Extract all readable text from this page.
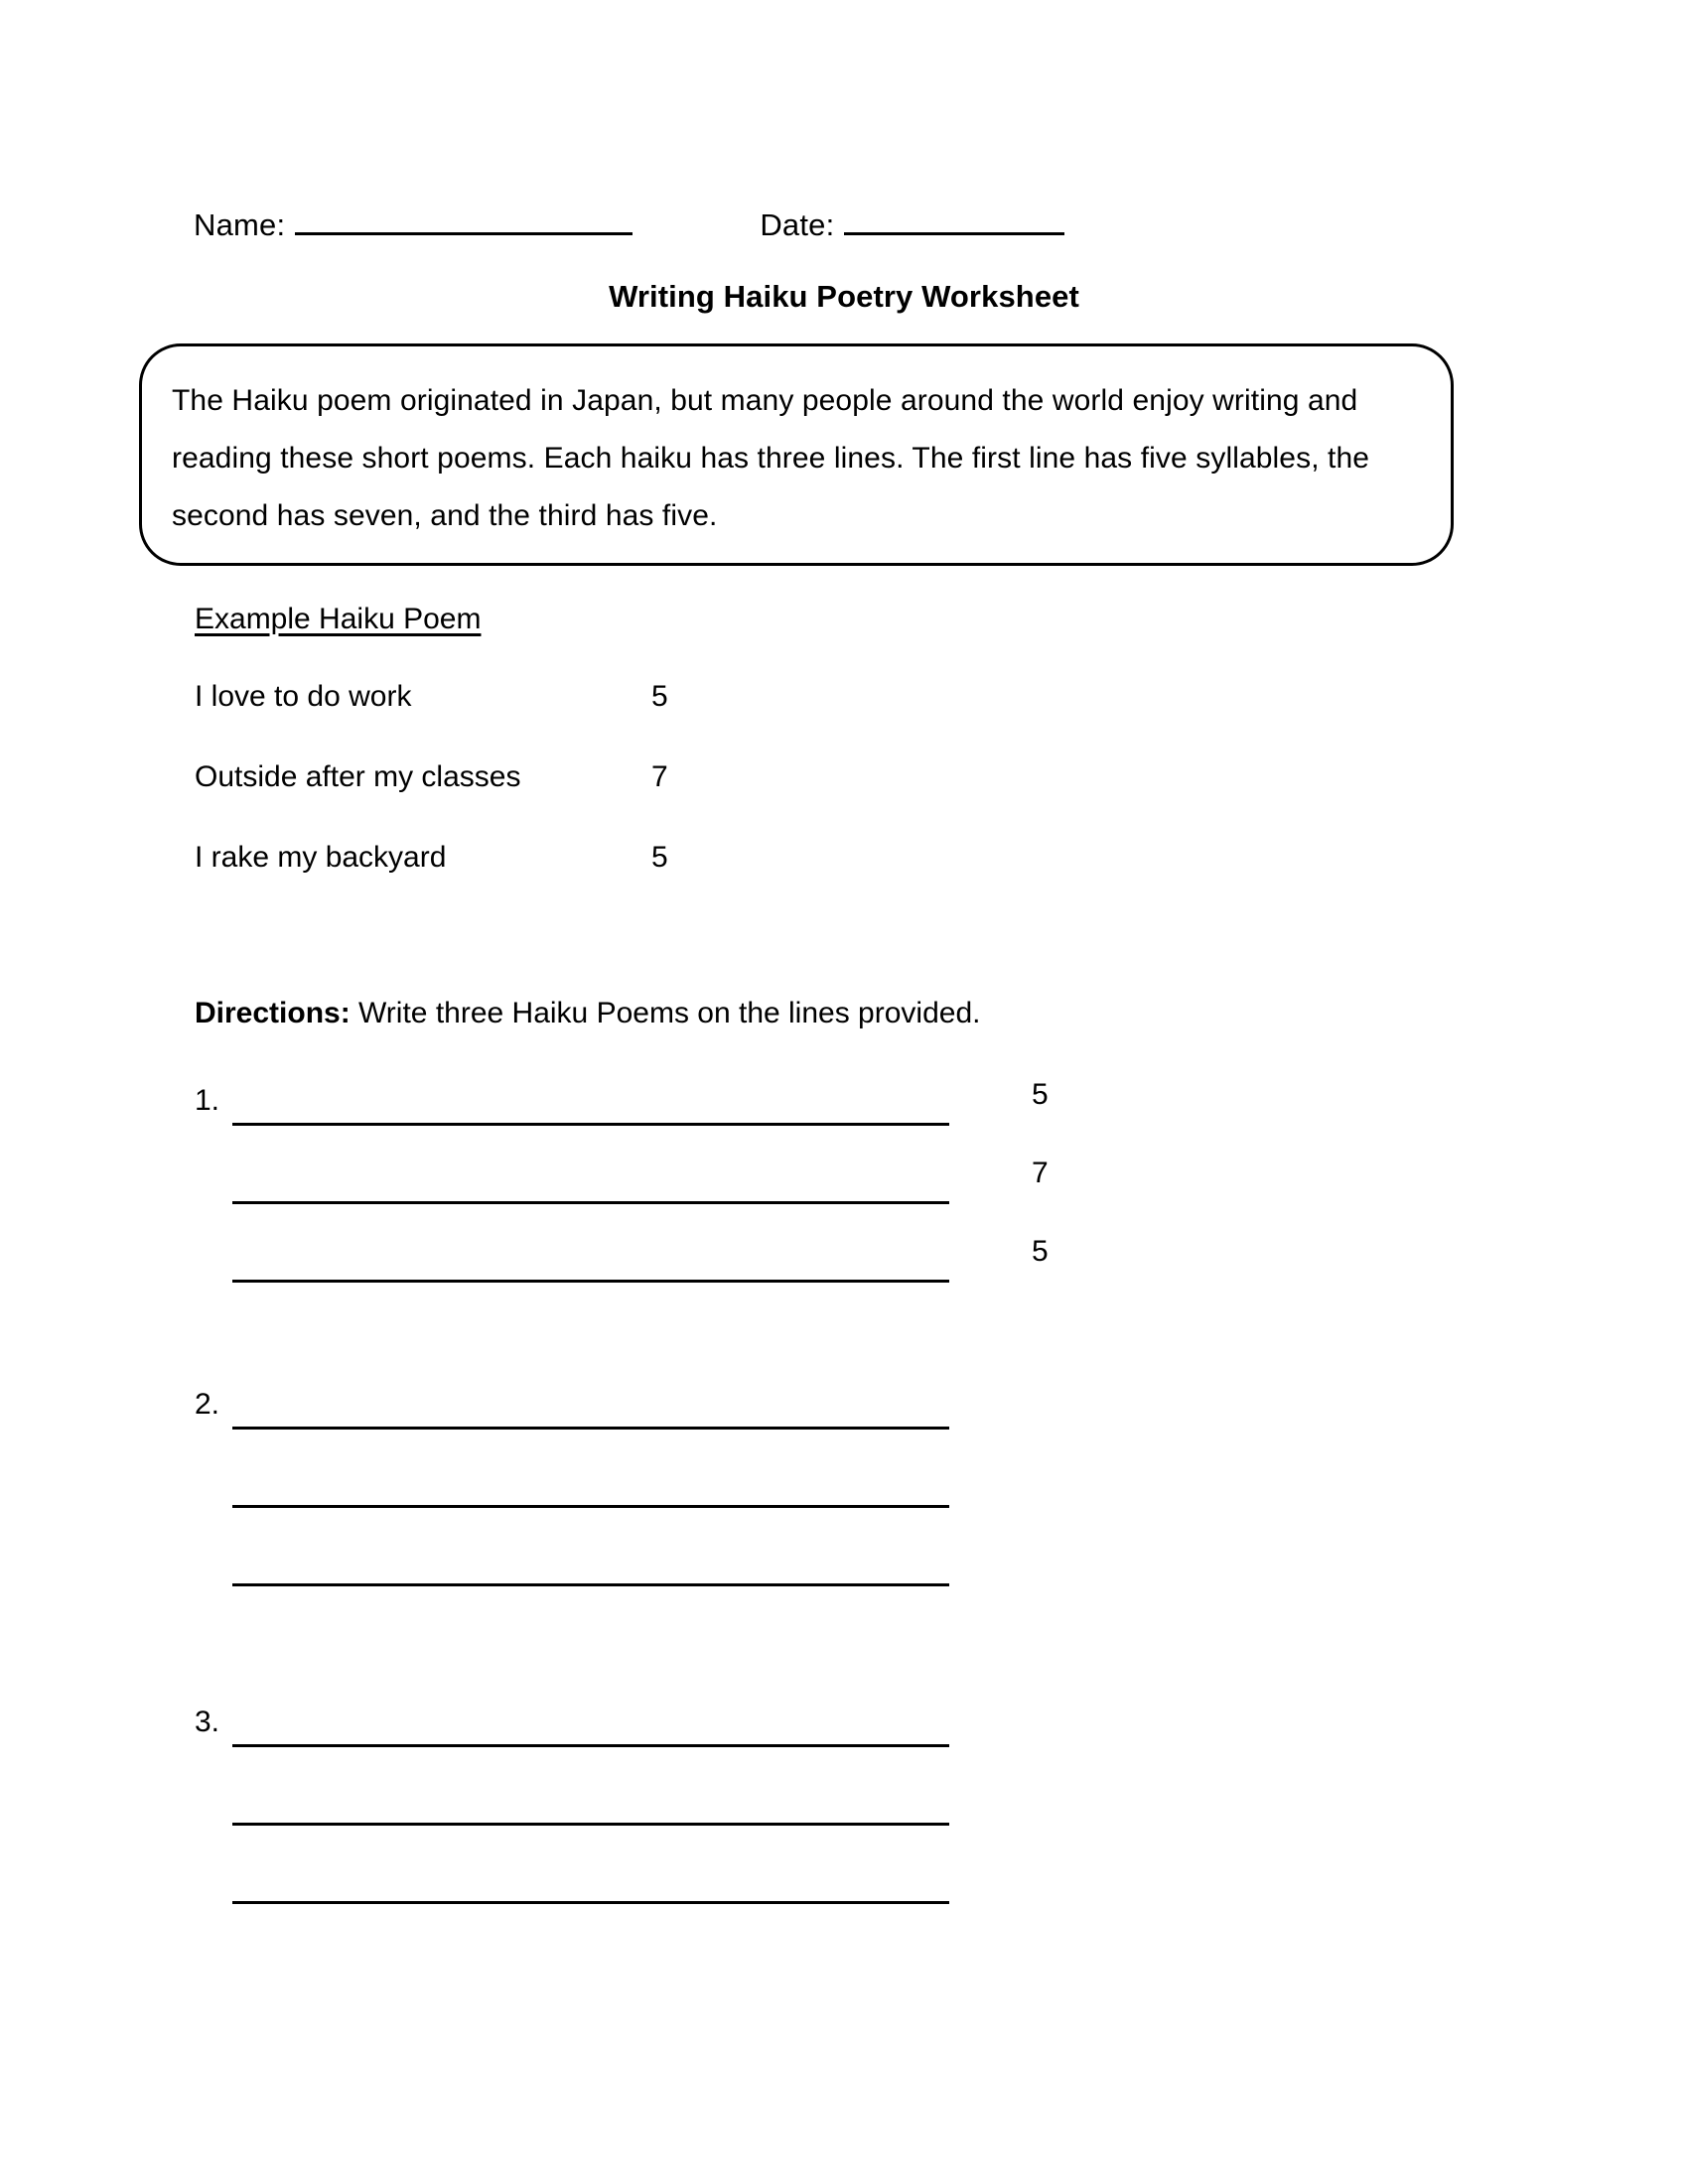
Name:	Date:
Writing Haiku Poetry Worksheet
The Haiku poem originated in Japan, but many people around the world enjoy writing and reading these short poems. Each haiku has three lines. The first line has five syllables, the second has seven, and the third has five.
Example Haiku Poem
I love to do work	5
Outside after my classes	7
I rake my backyard	5
Directions: Write three Haiku Poems on the lines provided.
1.	5
7
5
2.
3.
